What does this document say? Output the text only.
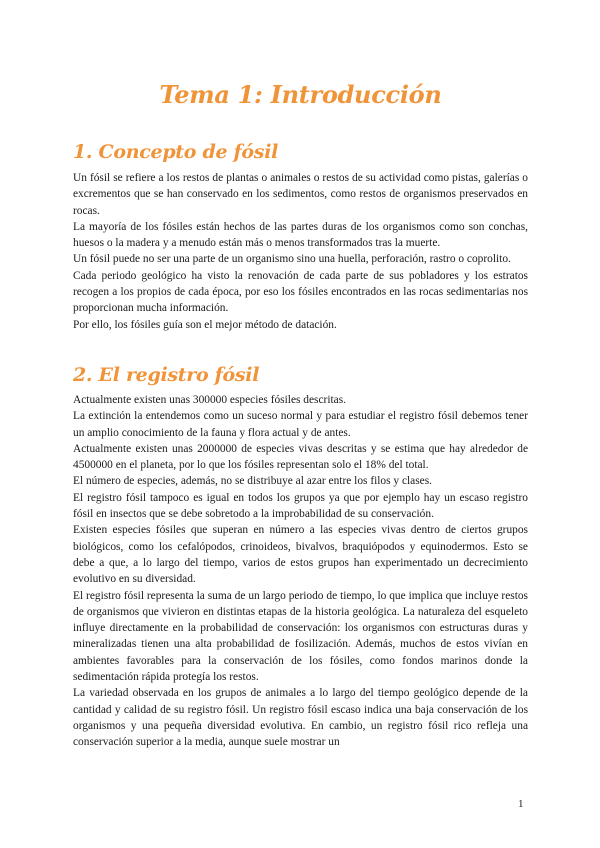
Tema 1: Introducción
1. Concepto de fósil

Un fósil se refiere a los restos de plantas o animales o restos de su actividad como pistas, galerías o excrementos que se han conservado en los sedimentos, como restos de organismos preservados en rocas.

La mayoría de los fósiles están hechos de las partes duras de los organismos como son conchas, huesos o la madera y a menudo están más o menos transformados tras la muerte.

Un fósil puede no ser una parte de un organismo sino una huella, perforación, rastro o coprolito.

Cada periodo geológico ha visto la renovación de cada parte de sus pobladores y los estratos recogen a los propios de cada época, por eso los fósiles encontrados en las rocas sedimentarias nos proporcionan mucha información.

Por ello, los fósiles guía son el mejor método de datación.

2. El registro fósil

Actualmente existen unas 300000 especies fósiles descritas.

La extinción la entendemos como un suceso normal y para estudiar el registro fósil debemos tener un amplio conocimiento de la fauna y flora actual y de antes.

Actualmente existen unas 2000000 de especies vivas descritas y se estima que hay alrededor de 4500000 en el planeta, por lo que los fósiles representan solo el 18% del total.

El número de especies, además, no se distribuye al azar entre los filos y clases.

El registro fósil tampoco es igual en todos los grupos ya que por ejemplo hay un escaso registro fósil en insectos que se debe sobretodo a la improbabilidad de su conservación.

Existen especies fósiles que superan en número a las especies vivas dentro de ciertos grupos biológicos, como los cefalópodos, crinoideos, bivalvos, braquiópodos y equinodermos. Esto se debe a que, a lo largo del tiempo, varios de estos grupos han experimentado un decrecimiento evolutivo en su diversidad.

El registro fósil representa la suma de un largo periodo de tiempo, lo que implica que incluye restos de organismos que vivieron en distintas etapas de la historia geológica. La naturaleza del esqueleto influye directamente en la probabilidad de conservación: los organismos con estructuras duras y mineralizadas tienen una alta probabilidad de fosilización. Además, muchos de estos vivían en ambientes favorables para la conservación de los fósiles, como fondos marinos donde la sedimentación rápida protegía los restos.

La variedad observada en los grupos de animales a lo largo del tiempo geológico depende de la cantidad y calidad de su registro fósil. Un registro fósil escaso indica una baja conservación de los organismos y una pequeña diversidad evolutiva. En cambio, un registro fósil rico refleja una conservación superior a la media, aunque suele mostrar un

1
